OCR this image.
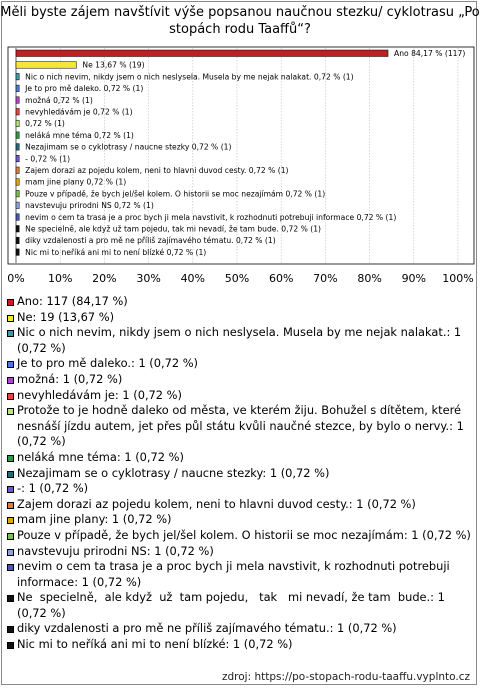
Měli byste zájem navštívit výše popsanou naučnou stezku/ cyklotrasu „Po stopách rodu Taaffů“?
Ano 84,17 % (117)
Ne 13,67 % (19)
Nic o nich nevim, nikdy jsem o nich neslysela. Musela by me nejak nalakat. 0,72 % (1)
Je to pro mě daleko. 0,72 % (1)
možná 0,72 % (1)
nevyhledávám je 0,72 % (1)
0,72 % (1)
neláká mne téma 0,72 % (1)
Nezajimam se o cyklotrasy / naucne stezky 0,72 % (1)
- 0,72 % (1)
Zajem dorazi az pojedu kolem, neni to hlavni duvod cesty. 0,72 % (1)
mam jine plany 0,72 % (1)
Pouze v případě, že bych jel/šel kolem. O historii se moc nezajímám 0,72 % (1)
navstevuju prirodni NS 0,72 % (1)
nevim o cem ta trasa je a proc bych ji mela navstivit, k rozhodnuti potrebuji informace 0,72 % (1)
Ne specielně, ale když už tam pojedu, tak mi nevadí, že tam bude. 0,72 % (1)
diky vzdalenosti a pro mě ne příliš zajímavého tématu. 0,72 % (1)
Nic mi to neříká ani mi to není blízké 0,72 % (1)
0% 10% 20% 30% 40% 50% 60% 70% 80% 90% 100%
Ano: 117 (84,17 %)
Ne: 19 (13,67 %)
Nic o nich nevim, nikdy jsem o nich neslysela. Musela by me nejak nalakat.: 1 (0,72 %)
Je to pro mě daleko.: 1 (0,72 %)
možná: 1 (0,72 %)
nevyhledávám je: 1 (0,72 %)
Protože to je hodně daleko od města, ve kterém žiju. Bohužel s dítětem, které nesnáší jízdu autem, jet přes půl státu kvůli naučné stezce, by bylo o nervy.: 1 (0,72 %)
neláká mne téma: 1 (0,72 %)
Nezajimam se o cyklotrasy / naucne stezky: 1 (0,72 %)
-: 1 (0,72 %)
Zajem dorazi az pojedu kolem, neni to hlavni duvod cesty.: 1 (0,72 %)
mam jine plany: 1 (0,72 %)
Pouze v případě, že bych jel/šel kolem. O historii se moc nezajímám: 1 (0,72 %)
navstevuju prirodni NS: 1 (0,72 %)
nevim o cem ta trasa je a proc bych ji mela navstivit, k rozhodnuti potrebuji informace: 1 (0,72 %)
Ne  specielně,  ale když  už  tam pojedu,   tak   mi nevadí, že tam  bude.: 1 (0,72 %)
diky vzdalenosti a pro mě ne příliš zajímavého tématu.: 1 (0,72 %)
Nic mi to neříká ani mi to není blízké: 1 (0,72 %)
zdroj: https://po-stopach-rodu-taaffu.vyplnto.cz
